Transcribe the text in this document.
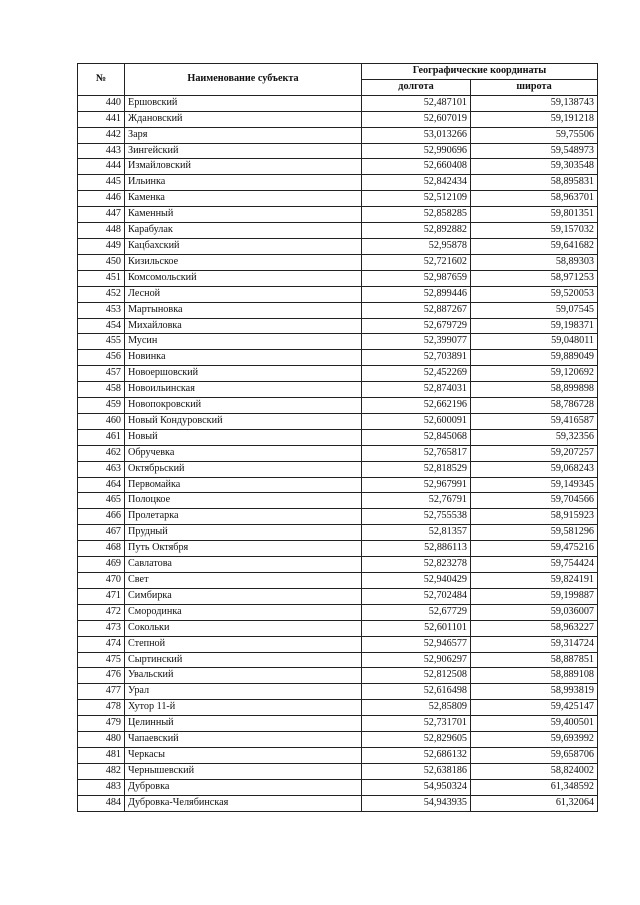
№	Наименование субъекта	Географические координаты	
		долгота	широта
440	Ершовский	52,487101	59,138743
441	Ждановский	52,607019	59,191218
442	Заря	53,013266	59,75506
443	Зингейский	52,990696	59,548973
444	Измайловский	52,660408	59,303548
445	Ильинка	52,842434	58,895831
446	Каменка	52,512109	58,963701
447	Каменный	52,858285	59,801351
448	Карабулак	52,892882	59,157032
449	Кацбахский	52,95878	59,641682
450	Кизильское	52,721602	58,89303
451	Комсомольский	52,987659	58,971253
452	Лесной	52,899446	59,520053
453	Мартыновка	52,887267	59,07545
454	Михайловка	52,679729	59,198371
455	Мусин	52,399077	59,048011
456	Новинка	52,703891	59,889049
457	Новоершовский	52,452269	59,120692
458	Новоильинская	52,874031	58,899898
459	Новопокровский	52,662196	58,786728
460	Новый Кондуровский	52,600091	59,416587
461	Новый	52,845068	59,32356
462	Обручевка	52,765817	59,207257
463	Октябрьский	52,818529	59,068243
464	Первомайка	52,967991	59,149345
465	Полоцкое	52,76791	59,704566
466	Пролетарка	52,755538	58,915923
467	Прудный	52,81357	59,581296
468	Путь Октября	52,886113	59,475216
469	Савлатова	52,823278	59,754424
470	Свет	52,940429	59,824191
471	Симбирка	52,702484	59,199887
472	Смородинка	52,67729	59,036007
473	Сокольки	52,601101	58,963227
474	Степной	52,946577	59,314724
475	Сыртинский	52,906297	58,887851
476	Увальский	52,812508	58,889108
477	Урал	52,616498	58,993819
478	Хутор 11-й	52,85809	59,425147
479	Целинный	52,731701	59,400501
480	Чапаевский	52,829605	59,693992
481	Черкасы	52,686132	59,658706
482	Чернышевский	52,638186	58,824002
483	Дубровка	54,950324	61,348592
484	Дубровка-Челябинская	54,943935	61,32064
